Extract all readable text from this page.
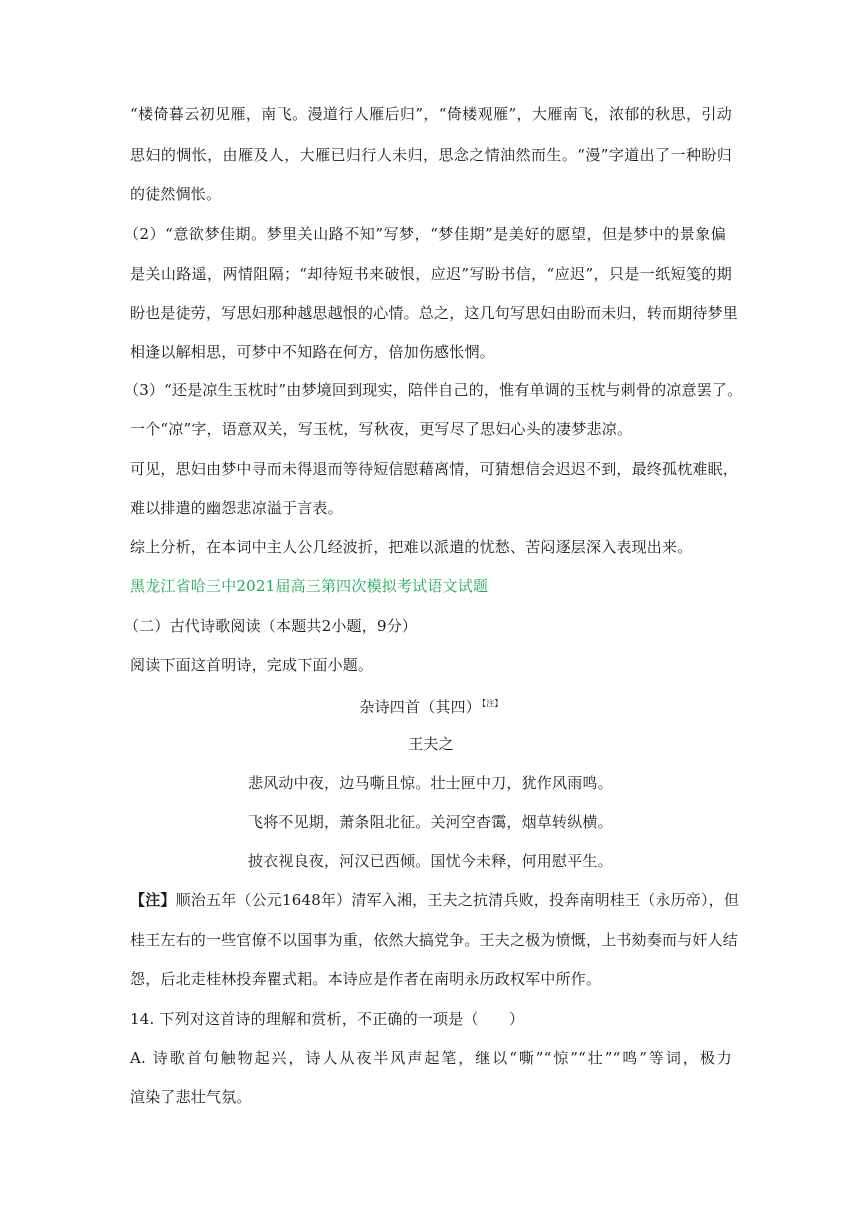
“楼倚暮云初见雁，南飞。漫道行人雁后归”，“倚楼观雁”，大雁南飞，浓郁的秋思，引动
思妇的惆怅，由雁及人，大雁已归行人未归，思念之情油然而生。“漫”字道出了一种盼归
的徒然惆怅。
（2）“意欲梦佳期。梦里关山路不知”写梦，“梦佳期”是美好的愿望，但是梦中的景象偏
是关山路遥，两情阻隔；“却待短书来破恨，应迟”写盼书信，“应迟”，只是一纸短笺的期
盼也是徒劳，写思妇那种越思越恨的心情。总之，这几句写思妇由盼而未归，转而期待梦里
相逢以解相思，可梦中不知路在何方，倍加伤感怅惘。
（3）“还是凉生玉枕时”由梦境回到现实，陪伴自己的，惟有单调的玉枕与刺骨的凉意罢了。
一个“凉”字，语意双关，写玉枕，写秋夜，更写尽了思妇心头的凄梦悲凉。
可见，思妇由梦中寻而未得退而等待短信慰藉离情，可猜想信会迟迟不到，最终孤枕难眠，
难以排遣的幽怨悲凉溢于言表。
综上分析，在本词中主人公几经波折，把难以派遣的忧愁、苦闷逐层深入表现出来。
黑龙江省哈三中2021届高三第四次模拟考试语文试题
（二）古代诗歌阅读（本题共2小题，9分）
阅读下面这首明诗，完成下面小题。
杂诗四首（其四）$^{【注】}$
王夫之
悲风动中夜，边马嘶且惊。壮士匣中刀，犹作风雨鸣。
飞将不见期，萧条阻北征。关河空杳霭，烟草转纵横。
披衣视良夜，河汉已西倾。国忧今未释，何用慰平生。
【注】顺治五年（公元1648年）清军入湘，王夫之抗清兵败，投奔南明桂王（永历帝），但
桂王左右的一些官僚不以国事为重，依然大搞党争。王夫之极为愤慨，上书劾奏而与奸人结
怨，后北走桂林投奔瞿式耜。本诗应是作者在南明永历政权军中所作。
14. 下列对这首诗的理解和赏析，不正确的一项是（　　）
A. 诗歌首句触物起兴，诗人从夜半风声起笔，继以“嘶”“惊”“壮”“鸣”等词，极力
渲染了悲壮气氛。
